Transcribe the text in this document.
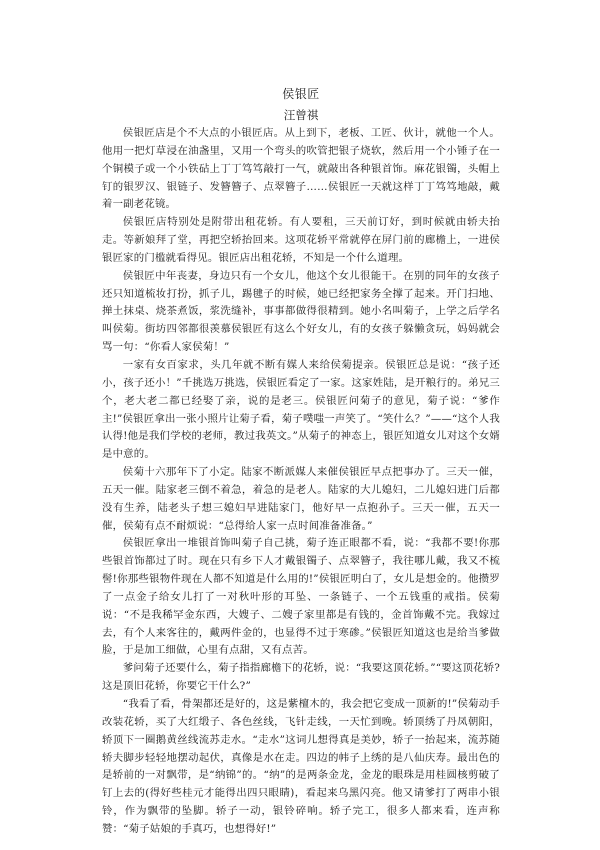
侯银匠
汪曾祺

侯银匠店是个不大点的小银匠店。从上到下，老板、工匠、伙计，就他一个人。他用一把灯草浸在油盏里，又用一个弯头的吹管把银子烧软，然后用一个小锤子在一个铜模子或一个小铁砧上丁丁笃笃敲打一气，就敲出各种银首饰。麻花银镯，头帽上钉的银罗汉、银链子、发簪簪子、点翠簪子……侯银匠一天就这样丁丁笃笃地敲，戴着一副老花镜。

侯银匠店特别处是附带出租花轿。有人要租，三天前订好，到时候就由轿夫抬走。等新娘拜了堂，再把空轿抬回来。这项花轿平常就停在屏门前的廊檐上，一进侯银匠家的门槛就看得见。银匠店出租花轿，不知是一个什么道理。

侯银匠中年丧妻，身边只有一个女儿，他这个女儿很能干。在别的同年的女孩子还只知道梳妆打扮，抓子儿，踢毽子的时候，她已经把家务全撑了起来。开门扫地、掸土抹桌、烧茶煮饭，浆洗缝补，事事都做得很精到。她小名叫菊子，上学之后学名叫侯菊。街坊四邻都很羡慕侯银匠有这么个好女儿，有的女孩子躲懒贪玩，妈妈就会骂一句：“你看人家侯菊！”

一家有女百家求，头几年就不断有媒人来给侯菊提亲。侯银匠总是说：“孩子还小，孩子还小！”千挑选万挑选，侯银匠看定了一家。这家姓陆，是开粮行的。弟兄三个，老大老二都已经娶了亲，说的是老三。侯银匠问菊子的意见，菊子说：“爹作主!”侯银匠拿出一张小照片让菊子看，菊子噗嗤一声笑了。“笑什么？”——“这个人我认得!他是我们学校的老师，教过我英文。”从菊子的神态上，银匠知道女儿对这个女婿是中意的。

侯菊十六那年下了小定。陆家不断派媒人来催侯银匠早点把事办了。三天一催，五天一催。陆家老三倒不着急，着急的是老人。陆家的大儿媳妇，二儿媳妇进门后都没有生养，陆老头子想三媳妇早进陆家门，他好早一点抱孙子。三天一催，五天一催，侯菊有点不耐烦说：“总得给人家一点时间准备准备。”

侯银匠拿出一堆银首饰叫菊子自己挑，菊子连正眼都不看，说：“我都不要!你那些银首饰都过了时。现在只有乡下人才戴银镯子、点翠簪子，我往哪儿戴，我又不梳髻!你那些银物件现在人都不知道是什么用的!”侯银匠明白了，女儿是想金的。他攒罗了一点金子给女儿打了一对秋叶形的耳坠、一条链子、一个五钱重的戒指。侯菊说：“不是我稀罕金东西，大嫂子、二嫂子家里都是有钱的，金首饰戴不完。我嫁过去，有个人来客往的，戴两件金的，也显得不过于寒碜。”侯银匠知道这也是给当爹做脸，于是加工细做，心里有点甜，又有点苦。

爹问菊子还要什么，菊子指指廊檐下的花轿，说：“我要这顶花轿。”“要这顶花轿?这是顶旧花轿，你要它干什么?”

“我看了看，骨架都还是好的，这是紫檀木的，我会把它变成一顶新的!”侯菊动手改装花轿，买了大红缎子、各色丝线，飞针走线，一天忙到晚。轿顶绣了丹凤朝阳，轿顶下一圈鹅黄丝线流苏走水。“走水”这词儿想得真是美妙，轿子一抬起来，流苏随轿夫脚步轻轻地摆动起伏，真像是水在走。四边的帏子上绣的是八仙庆寿。最出色的是轿前的一对飘带，是“纳锦”的。“纳”的是两条金龙，金龙的眼珠是用桂圆核剪破了钉上去的(得好些桂元才能得出四只眼睛)，看起来乌黑闪亮。他又请爹打了两串小银铃，作为飘带的坠脚。轿子一动，银铃碎响。轿子完工，很多人都来看，连声称赞：“菊子姑娘的手真巧，也想得好!”
